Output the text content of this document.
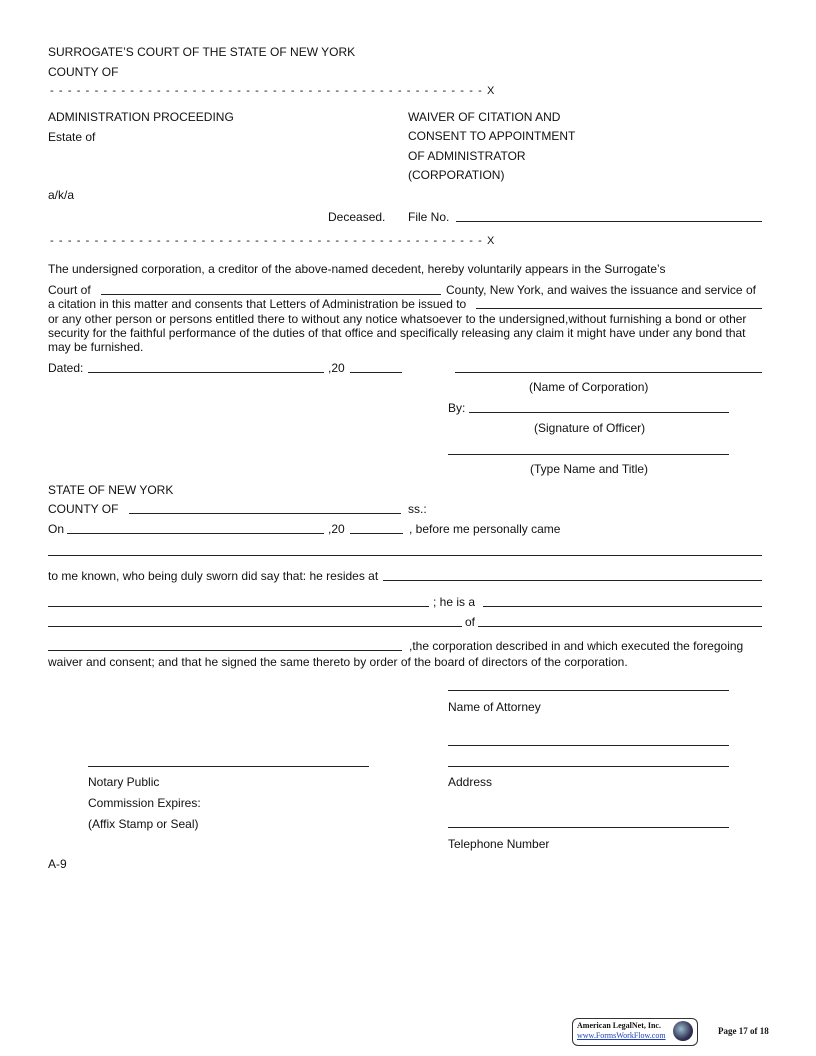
SURROGATE’S COURT OF THE STATE OF NEW YORK
COUNTY OF
- - - - - - - - - - - - - - - - - - - - - - - - - - - - - - - - - - - - - - - - - - - - - - - - - X
ADMINISTRATION PROCEEDING
Estate of
a/k/a
Deceased.
WAIVER OF CITATION AND
CONSENT TO APPOINTMENT
OF ADMINISTRATOR
(CORPORATION)
File No.
- - - - - - - - - - - - - - - - - - - - - - - - - - - - - - - - - - - - - - - - - - - - - - - - - X
The undersigned corporation, a creditor of the above-named decedent, hereby voluntarily appears in the Surrogate’s
Court of	County, New York, and waives the issuance and service of
a citation in this matter and consents that Letters of Administration be issued to
or any other person or persons entitled there to without any notice whatsoever to the undersigned,without furnishing a bond or other security for the faithful performance of the duties of that office and specifically releasing any claim it might have under any bond that may be furnished.
Dated:	,20
(Name of Corporation)
By:
(Signature of Officer)
(Type Name and Title)
STATE OF NEW YORK
COUNTY OF	ss.:
On	,20	, before me personally came
to me known, who being duly sworn did say that: he resides at
; he is a
of
,the corporation described in and which executed the foregoing
waiver and consent; and that he signed the same thereto by order of the board of directors of the corporation.
Name of Attorney
Notary Public	Address
Commission Expires:
(Affix Stamp or Seal)
Telephone Number
A-9
American LegalNet, Inc.
www.FormsWorkFlow.com	Page 17 of 18
